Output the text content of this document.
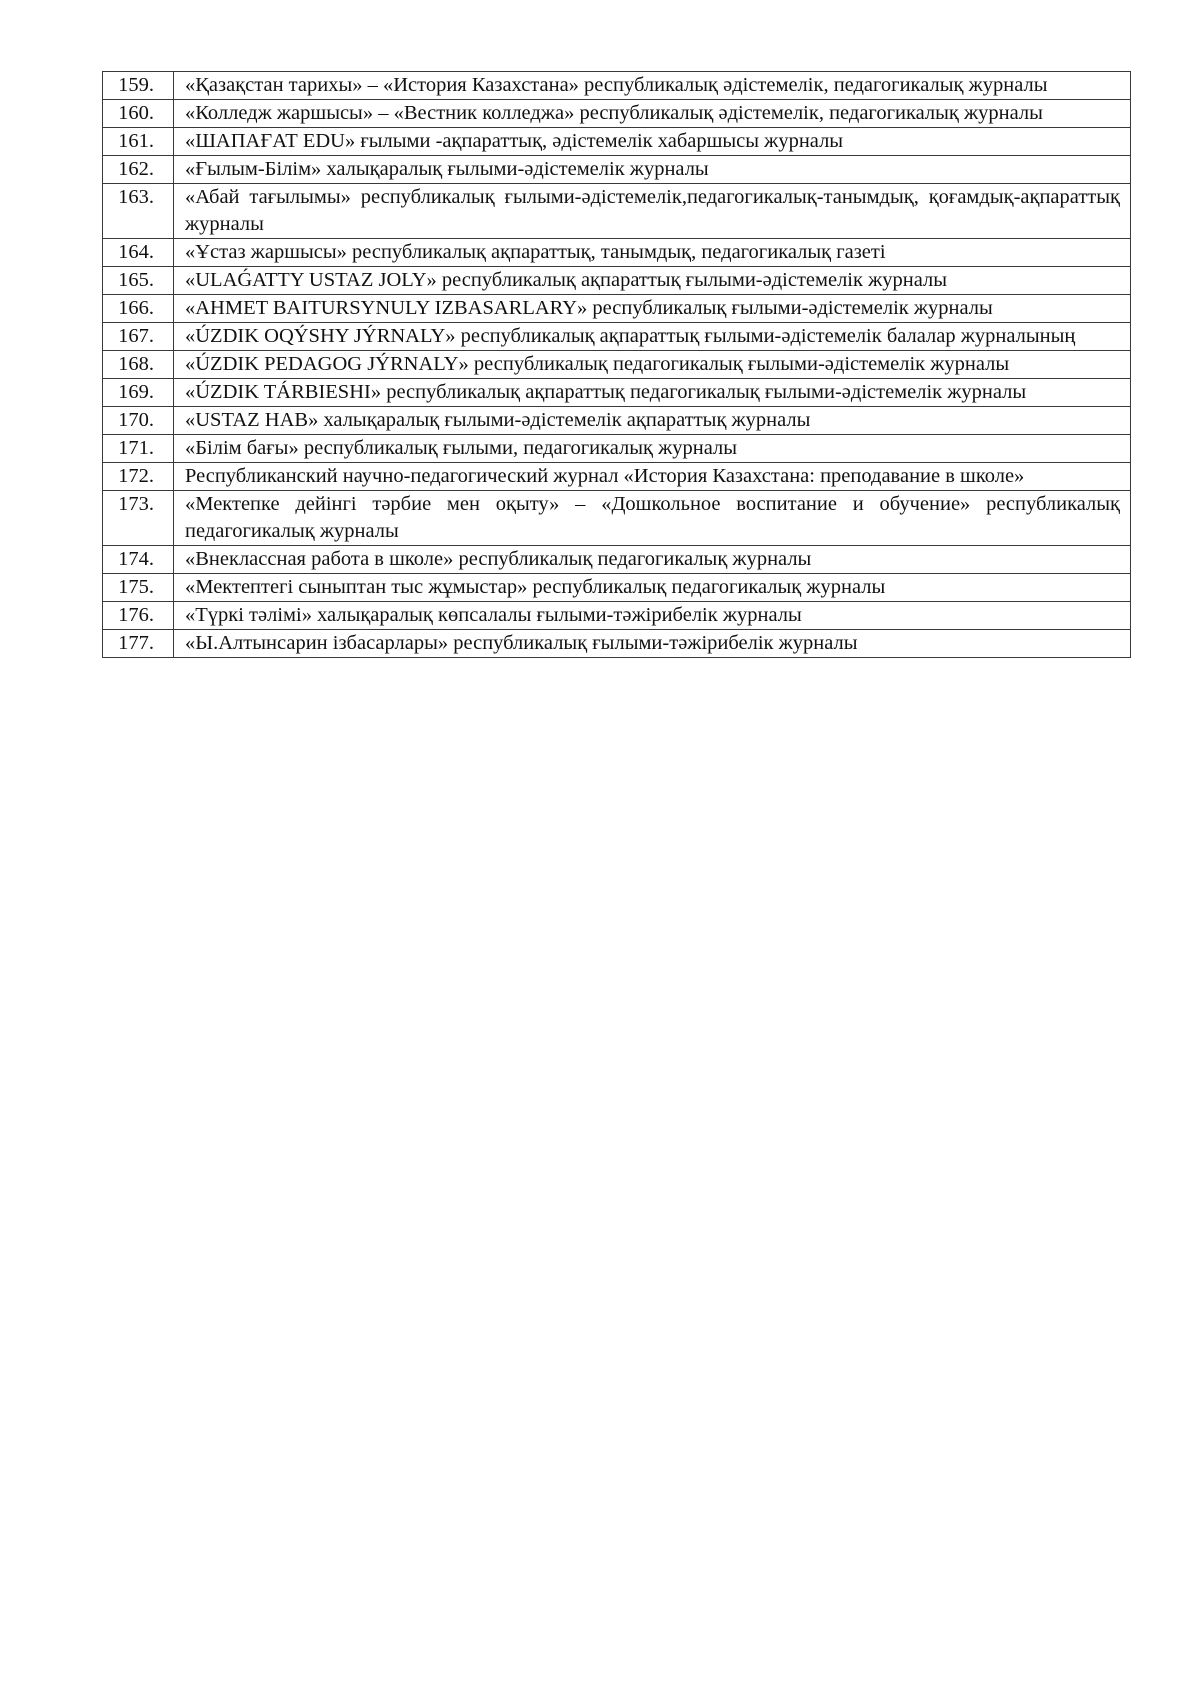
159.	«Қазақстан тарихы» – «История Казахстана» республикалық әдістемелік, педагогикалық журналы
160.	«Колледж жаршысы» – «Вестник колледжа» республикалық әдістемелік, педагогикалық журналы
161.	«ШАПАҒАТ EDU» ғылыми -ақпараттық, әдістемелік хабаршысы журналы
162.	«Ғылым-Білім» халықаралық ғылыми-әдістемелік журналы
163.	«Абай тағылымы» республикалық ғылыми-әдістемелік,педагогикалық-танымдық, қоғамдық-ақпараттық журналы
164.	«Ұстаз жаршысы» республикалық ақпараттық, танымдық, педагогикалық газеті
165.	«ULAǴATTY USTAZ JOLY» республикалық ақпараттық ғылыми-әдістемелік журналы
166.	«AHMET BAITURSYNULY IZBASARLARY» республикалық ғылыми-әдістемелік журналы
167.	«ÚZDIK OQÝSHY JÝRNALY» республикалық ақпараттық ғылыми-әдістемелік балалар журналының
168.	«ÚZDIK PEDAGOG JÝRNALY» республикалық педагогикалық ғылыми-әдістемелік журналы
169.	«ÚZDIK TÁRBIESHI» республикалық ақпараттық педагогикалық ғылыми-әдістемелік журналы
170.	«USTAZ HAB» халықаралық ғылыми-әдістемелік ақпараттық журналы
171.	«Білім бағы» республикалық ғылыми, педагогикалық журналы
172.	Республиканский научно-педагогический журнал «История Казахстана: преподавание в школе»
173.	«Мектепке дейінгі тәрбие мен оқыту» – «Дошкольное воспитание и обучение» республикалық педагогикалық журналы
174.	«Внеклассная работа в школе» республикалық педагогикалық журналы
175.	«Мектептегі сыныптан тыс жұмыстар» республикалық педагогикалық журналы
176.	«Түркі тәлімі» халықаралық көпсалалы ғылыми-тәжірибелік журналы
177.	«Ы.Алтынсарин ізбасарлары» республикалық ғылыми-тәжірибелік журналы
